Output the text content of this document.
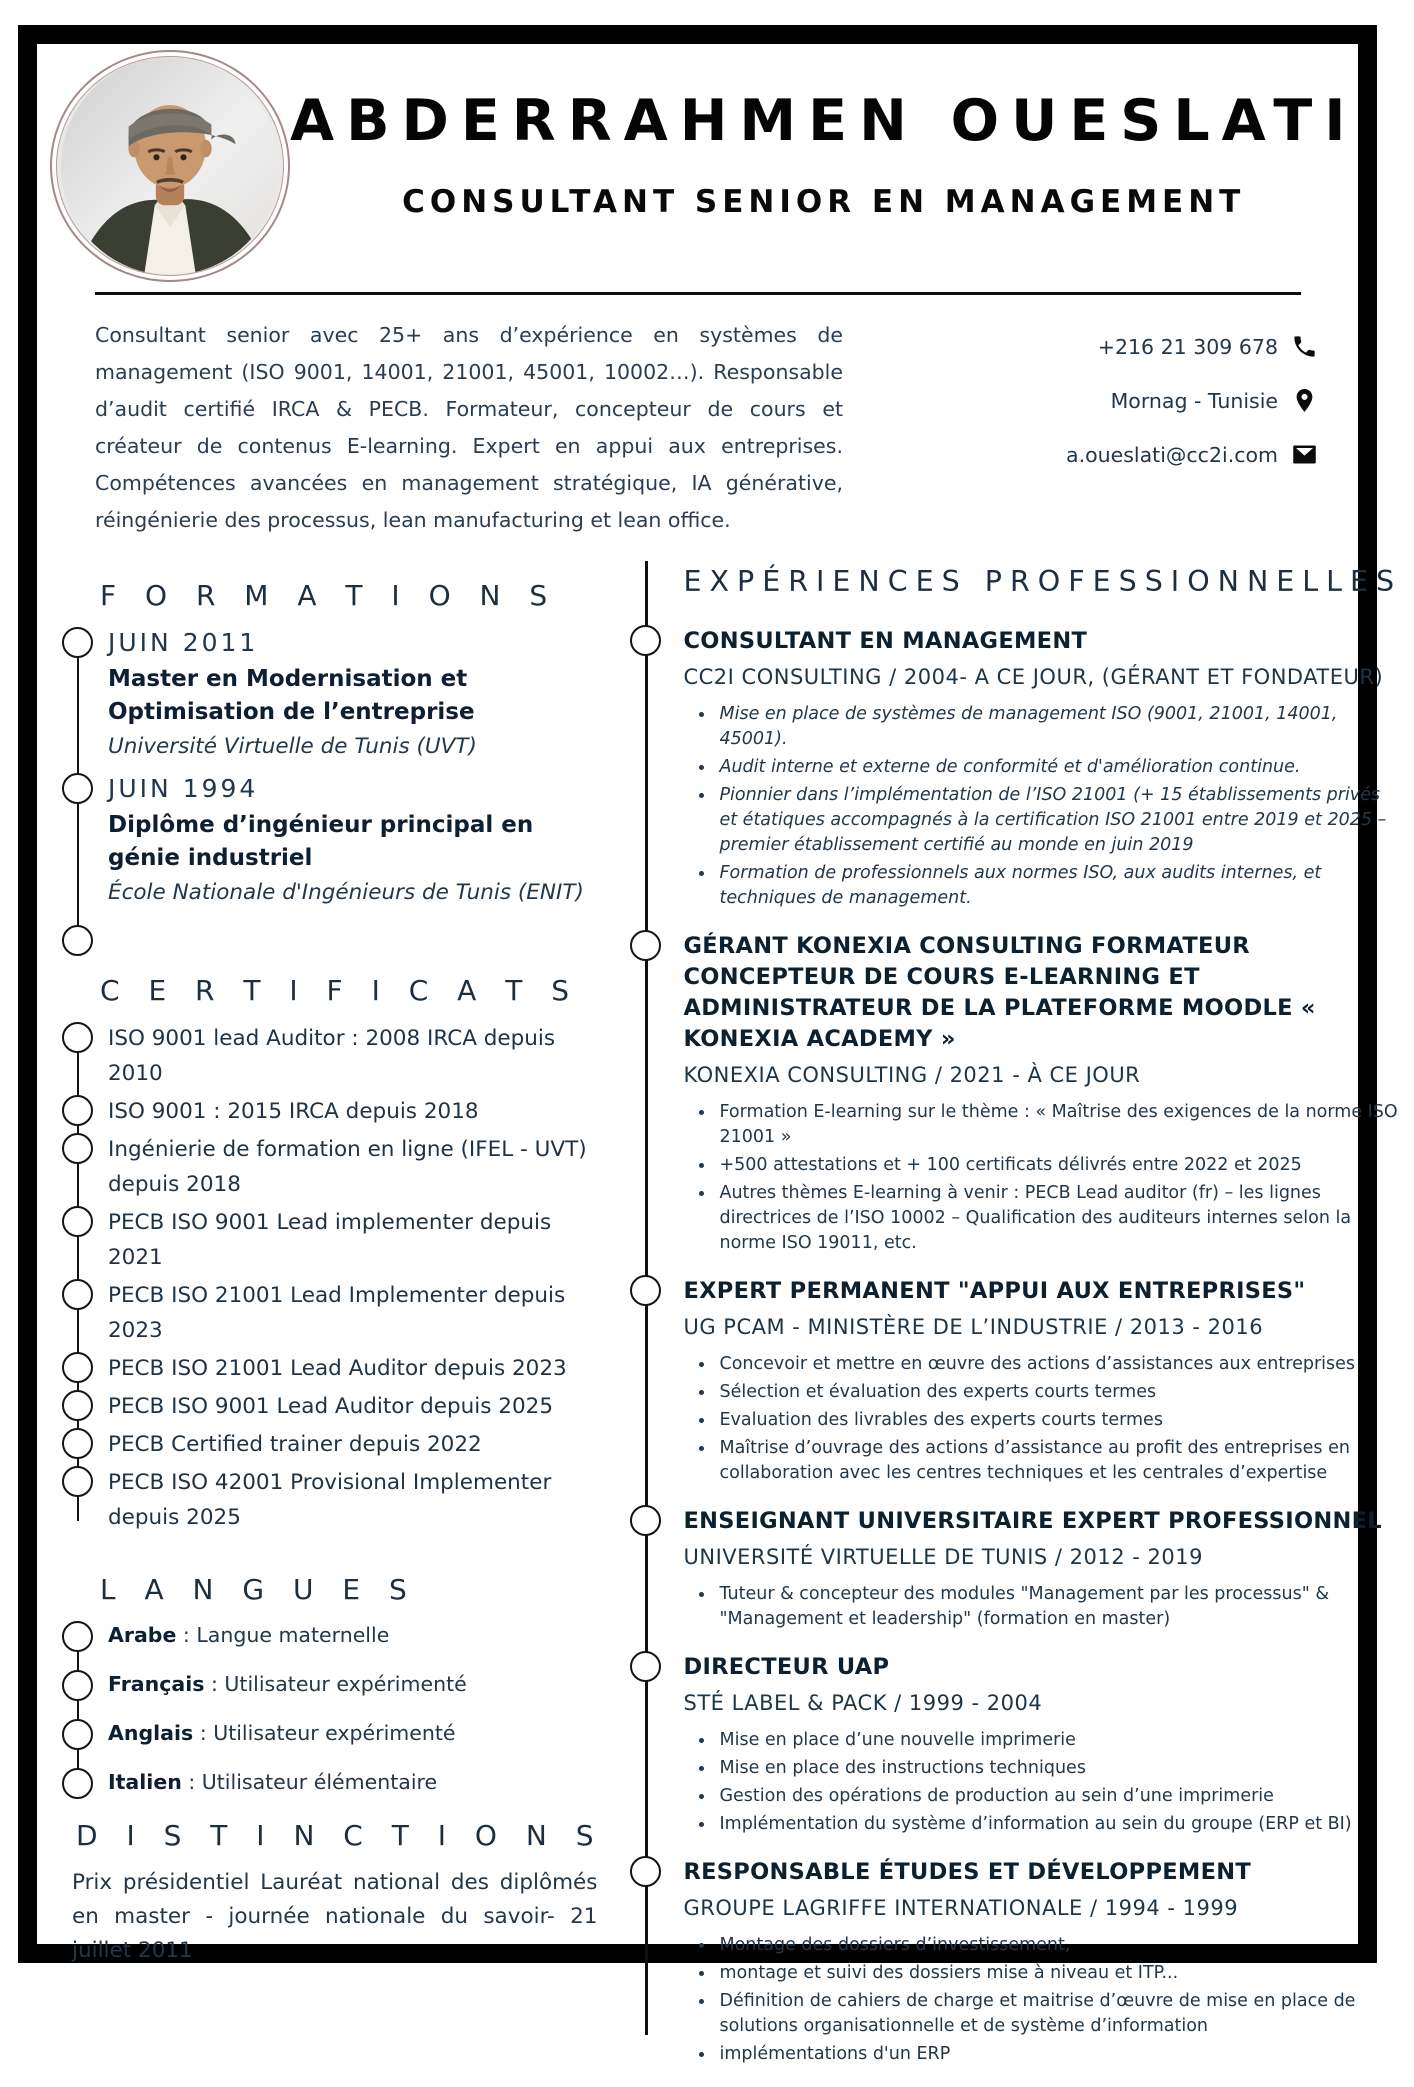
ABDERRAHMEN OUESLATI
CONSULTANT SENIOR EN MANAGEMENT

Consultant senior avec 25+ ans d’expérience en systèmes de management (ISO 9001, 14001, 21001, 45001, 10002…). Responsable d’audit certifié IRCA & PECB. Formateur, concepteur de cours et créateur de contenus E-learning. Expert en appui aux entreprises. Compétences avancées en management stratégique, IA générative, réingénierie des processus, lean manufacturing et lean office.

+216 21 309 678
Mornag - Tunisie
a.oueslati@cc2i.com
F O R M A T I O N S
JUIN 2011
Master en Modernisation et Optimisation de l’entreprise
Université Virtuelle de Tunis (UVT)
JUIN 1994
Diplôme d’ingénieur principal en génie industriel
École Nationale d'Ingénieurs de Tunis (ENIT)
C E R T I F I C A T S
ISO 9001 lead Auditor : 2008 IRCA depuis 2010
ISO 9001 : 2015 IRCA depuis 2018
Ingénierie de formation en ligne (IFEL - UVT) depuis 2018
PECB ISO 9001 Lead implementer depuis 2021
PECB ISO 21001 Lead Implementer depuis 2023
PECB ISO 21001 Lead Auditor depuis 2023
PECB ISO 9001 Lead Auditor depuis 2025
PECB Certified trainer depuis 2022
PECB ISO 42001 Provisional Implementer depuis 2025
L A N G U E S
Arabe : Langue maternelle
Français : Utilisateur expérimenté
Anglais : Utilisateur expérimenté
Italien : Utilisateur élémentaire
D I S T I N C T I O N S

Prix présidentiel Lauréat national des diplômés en master - journée nationale du savoir- 21 juillet 2011

EXPÉRIENCES PROFESSIONNELLES
CONSULTANT EN MANAGEMENT
CC2I CONSULTING / 2004- A CE JOUR, (GÉRANT ET FONDATEUR)
Mise en place de systèmes de management ISO (9001, 21001, 14001, 45001).
Audit interne et externe de conformité et d'amélioration continue.
Pionnier dans l’implémentation de l’ISO 21001 (+ 15 établissements privés et étatiques accompagnés à la certification ISO 21001 entre 2019 et 2025 – premier établissement certifié au monde en juin 2019
Formation de professionnels aux normes ISO, aux audits internes, et techniques de management.
GÉRANT KONEXIA CONSULTING FORMATEUR CONCEPTEUR DE COURS E-LEARNING ET ADMINISTRATEUR DE LA PLATEFORME MOODLE « KONEXIA ACADEMY »
KONEXIA CONSULTING / 2021 - À CE JOUR
Formation E-learning sur le thème : « Maîtrise des exigences de la norme ISO 21001 »
+500 attestations et + 100 certificats délivrés entre 2022 et 2025
Autres thèmes E-learning à venir : PECB Lead auditor (fr) – les lignes directrices de l’ISO 10002 – Qualification des auditeurs internes selon la norme ISO 19011, etc.
EXPERT PERMANENT "APPUI AUX ENTREPRISES"
UG PCAM - MINISTÈRE DE L’INDUSTRIE / 2013 - 2016
Concevoir et mettre en œuvre des actions d’assistances aux entreprises
Sélection et évaluation des experts courts termes
Evaluation des livrables des experts courts termes
Maîtrise d’ouvrage des actions d’assistance au profit des entreprises en collaboration avec les centres techniques et les centrales d’expertise
ENSEIGNANT UNIVERSITAIRE EXPERT PROFESSIONNEL
UNIVERSITÉ VIRTUELLE DE TUNIS / 2012 - 2019
Tuteur & concepteur des modules "Management par les processus" & "Management et leadership" (formation en master)
DIRECTEUR UAP
STÉ LABEL & PACK / 1999 - 2004
Mise en place d’une nouvelle imprimerie
Mise en place des instructions techniques
Gestion des opérations de production au sein d’une imprimerie
Implémentation du système d’information au sein du groupe (ERP et BI)
RESPONSABLE ÉTUDES ET DÉVELOPPEMENT
GROUPE LAGRIFFE INTERNATIONALE / 1994 - 1999
Montage des dossiers d’investissement,
montage et suivi des dossiers mise à niveau et ITP...
Définition de cahiers de charge et maitrise d’œuvre de mise en place de solutions organisationnelle et de système d’information
implémentations d'un ERP
